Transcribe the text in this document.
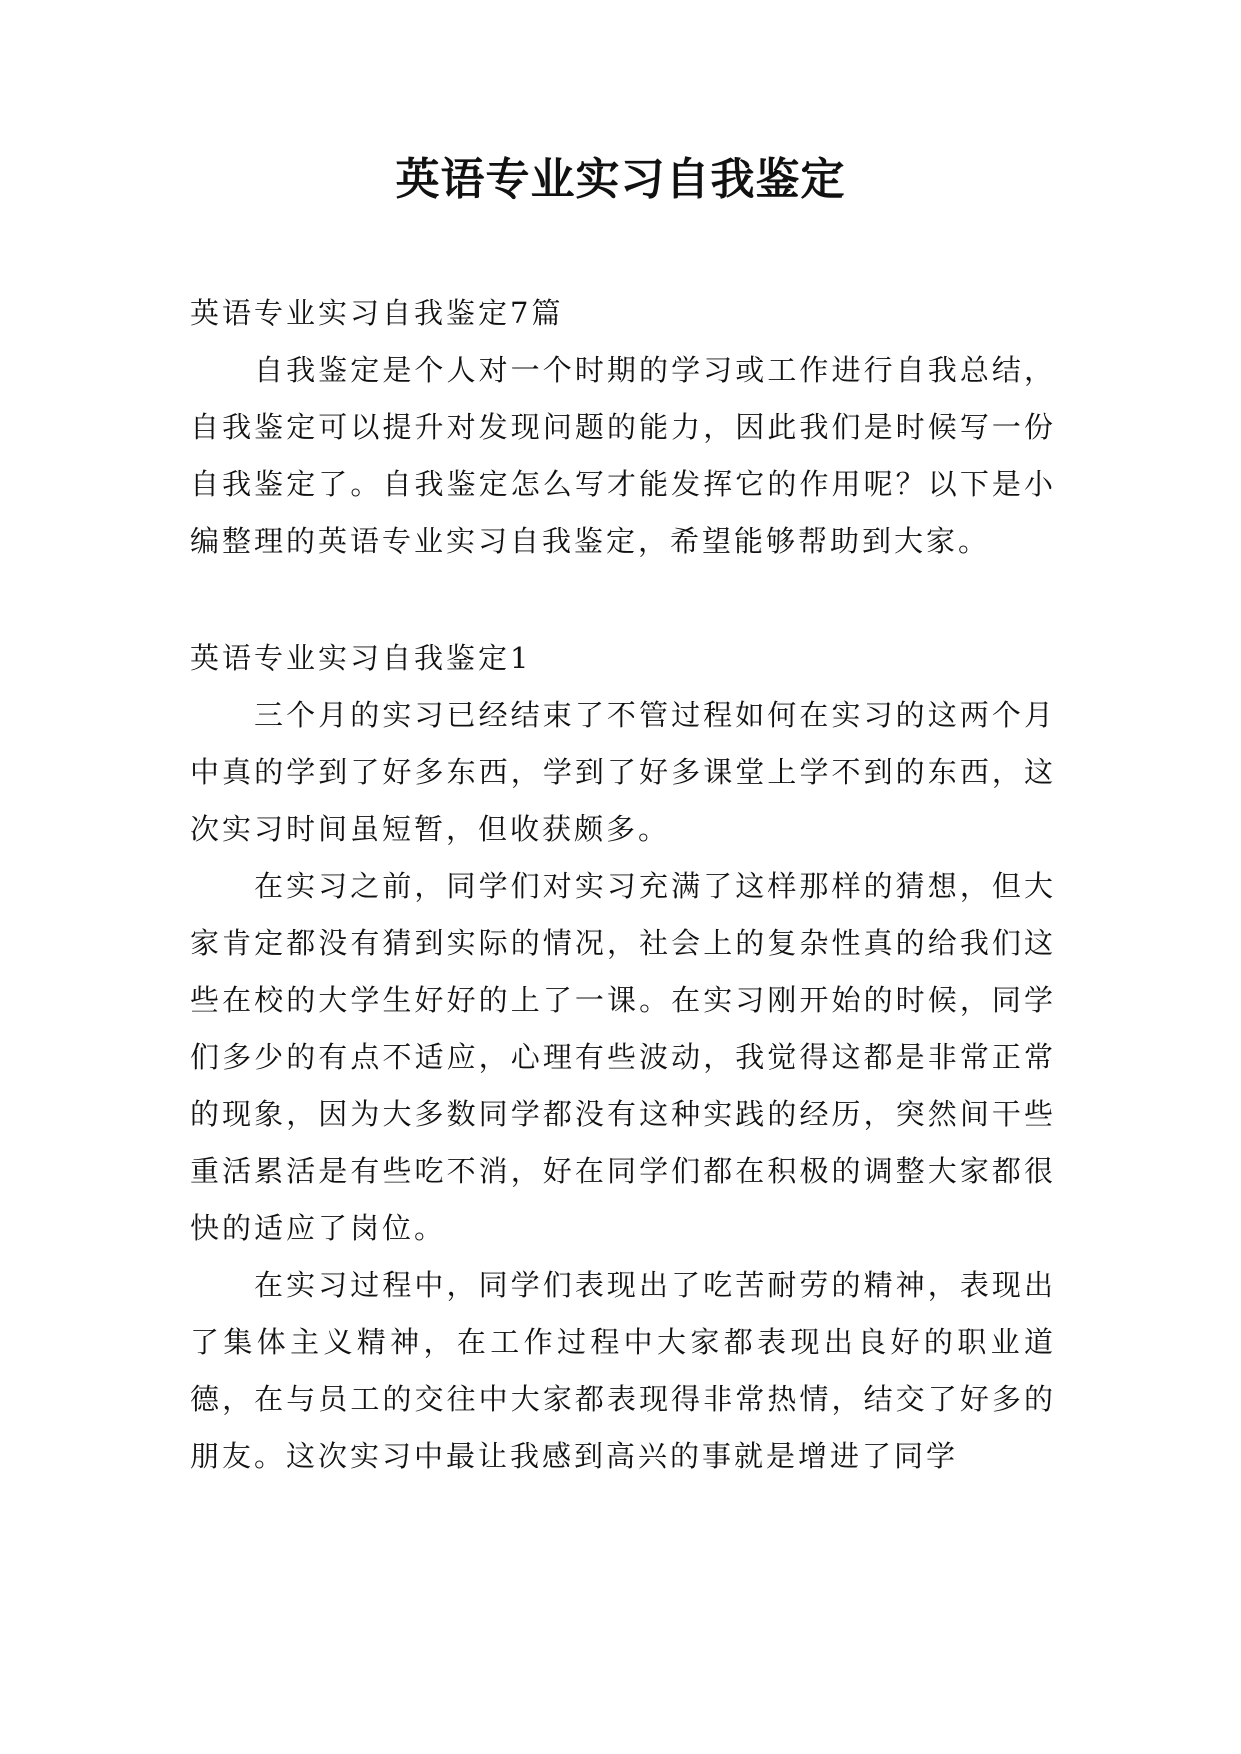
英语专业实习自我鉴定

英语专业实习自我鉴定7篇

自我鉴定是个人对一个时期的学习或工作进行自我总结，自我鉴定可以提升对发现问题的能力，因此我们是时候写一份自我鉴定了。自我鉴定怎么写才能发挥它的作用呢？以下是小编整理的英语专业实习自我鉴定，希望能够帮助到大家。

英语专业实习自我鉴定1

三个月的实习已经结束了不管过程如何在实习的这两个月中真的学到了好多东西，学到了好多课堂上学不到的东西，这次实习时间虽短暂，但收获颇多。

在实习之前，同学们对实习充满了这样那样的猜想，但大家肯定都没有猜到实际的情况，社会上的复杂性真的给我们这些在校的大学生好好的上了一课。在实习刚开始的时候，同学们多少的有点不适应，心理有些波动，我觉得这都是非常正常的现象，因为大多数同学都没有这种实践的经历，突然间干些重活累活是有些吃不消，好在同学们都在积极的调整大家都很快的适应了岗位。

在实习过程中，同学们表现出了吃苦耐劳的精神，表现出了集体主义精神，在工作过程中大家都表现出良好的职业道德，在与员工的交往中大家都表现得非常热情，结交了好多的朋友。这次实习中最让我感到高兴的事就是增进了同学
